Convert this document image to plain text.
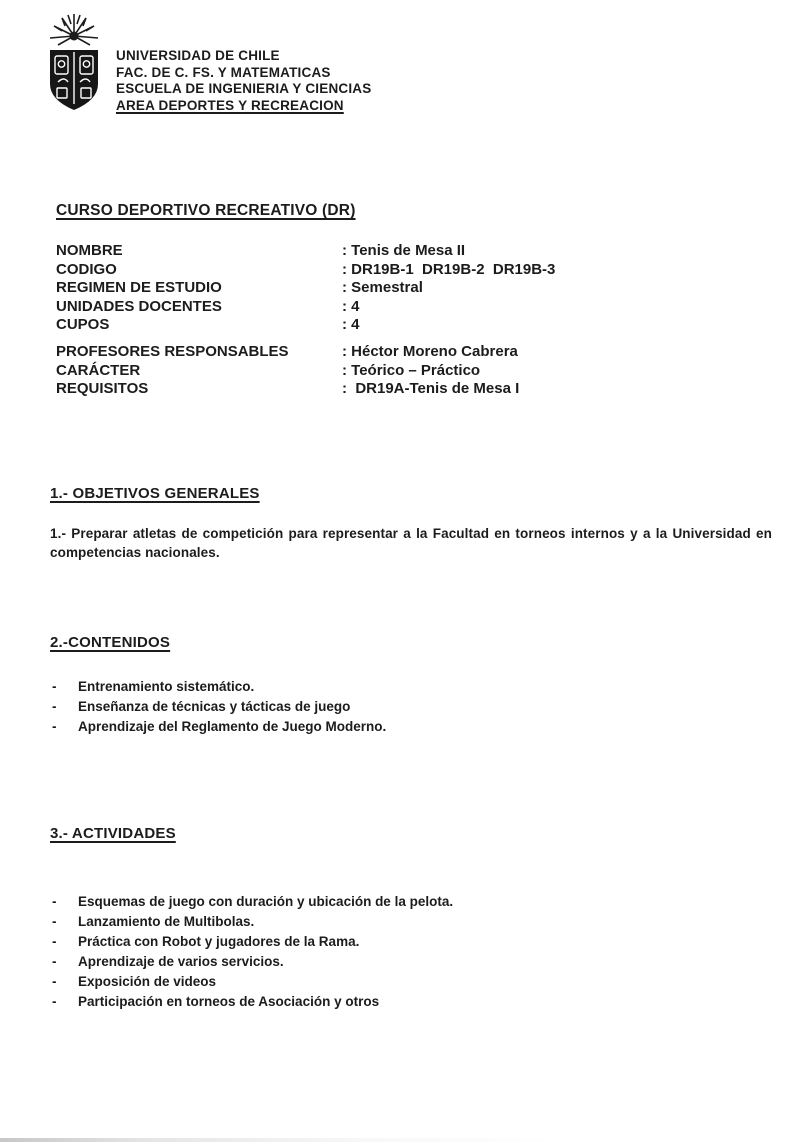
UNIVERSIDAD DE CHILE
FAC. DE C. FS. Y MATEMATICAS
ESCUELA DE INGENIERIA Y CIENCIAS
AREA DEPORTES Y RECREACION
CURSO DEPORTIVO RECREATIVO (DR)
NOMBRE	: Tenis de Mesa II
CODIGO	: DR19B-1  DR19B-2  DR19B-3
REGIMEN DE ESTUDIO	: Semestral
UNIDADES DOCENTES	: 4
CUPOS	: 4
PROFESORES RESPONSABLES	: Héctor Moreno Cabrera
CARÁCTER	: Teórico – Práctico
REQUISITOS	:  DR19A-Tenis de Mesa I
1.- OBJETIVOS GENERALES

1.- Preparar atletas de competición para representar a la Facultad en torneos internos y a la Universidad en competencias nacionales.

2.-CONTENIDOS
-	Entrenamiento sistemático.
-	Enseñanza de técnicas y tácticas de juego
-	Aprendizaje del Reglamento de Juego Moderno.
3.- ACTIVIDADES
-	Esquemas de juego con duración y ubicación de la pelota.
-	Lanzamiento de Multibolas.
-	Práctica con Robot y jugadores de la Rama.
-	Aprendizaje de varios servicios.
-	Exposición de videos
-	Participación en torneos de Asociación y otros
